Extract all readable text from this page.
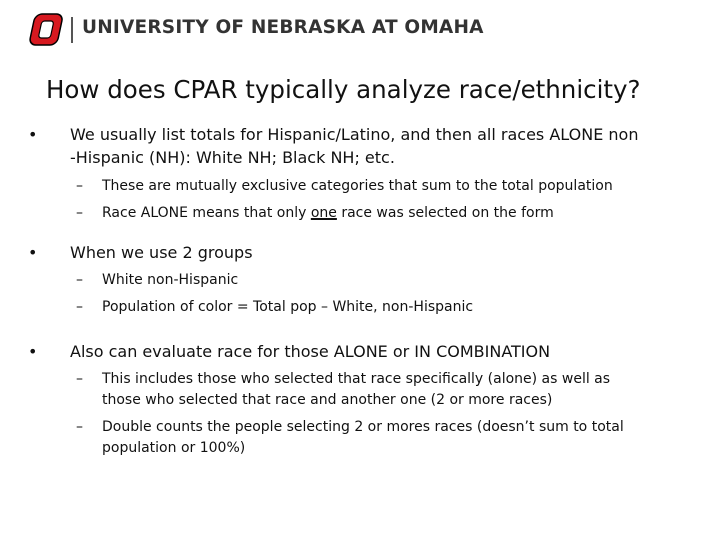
UNIVERSITY OF NEBRASKA AT OMAHA
How does CPAR typically analyze race/ethnicity?
• We usually list totals for Hispanic/Latino, and then all races ALONE non
-Hispanic (NH): White NH; Black NH; etc.
– These are mutually exclusive categories that sum to the total population
– Race ALONE means that only one race was selected on the form
• When we use 2 groups
– White non-Hispanic
– Population of color = Total pop – White, non-Hispanic
• Also can evaluate race for those ALONE or IN COMBINATION
– This includes those who selected that race specifically (alone) as well as
those who selected that race and another one (2 or more races)
– Double counts the people selecting 2 or mores races (doesn’t sum to total
population or 100%)
